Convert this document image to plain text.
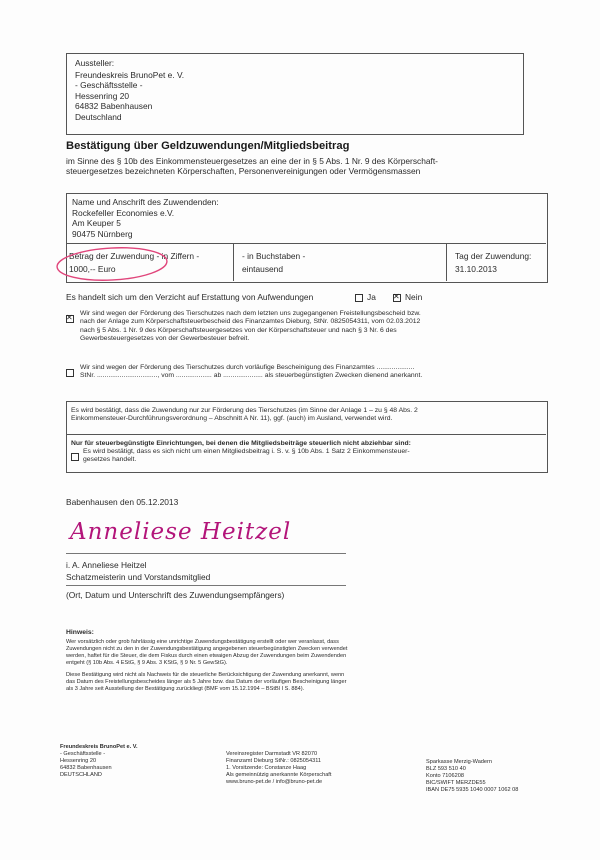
Aussteller:
Freundeskreis BrunoPet e. V.
- Geschäftsstelle -
Hessenring 20
64832 Babenhausen
Deutschland
Bestätigung über Geldzuwendungen/Mitgliedsbeitrag
im Sinne des § 10b des Einkommensteuergesetzes an eine der in § 5 Abs. 1 Nr. 9 des Körperschaft-
steuergesetzes bezeichneten Körperschaften, Personenvereinigungen oder Vermögensmassen
Name und Anschrift des Zuwendenden:
Rockefeller Economies e.V.
Am Keuper 5
90475 Nürnberg
Betrag der Zuwendung - in Ziffern -
1000,-- Euro
- in Buchstaben -
eintausend
Tag der Zuwendung:
31.10.2013
Es handelt sich um den Verzicht auf Erstattung von Aufwendungen	Ja
✕	Nein
✕
Wir sind wegen der Förderung des Tierschutzes nach dem letzten uns zugegangenen Freistellungsbescheid bzw.
nach der Anlage zum Körperschaftsteuerbescheid des Finanzamtes Dieburg, StNr. 0825054311, vom 02.03.2012
nach § 5 Abs. 1 Nr. 9 des Körperschaftsteuergesetzes von der Körperschaftsteuer und nach § 3 Nr. 6 des
Gewerbesteuergesetzes von der Gewerbesteuer befreit.
Wir sind wegen der Förderung des Tierschutzes durch vorläufige Bescheinigung des Finanzamtes ....................
StNr. ................................, vom ................... ab ..................... als steuerbegünstigten Zwecken dienend anerkannt.
Es wird bestätigt, dass die Zuwendung nur zur Förderung des Tierschutzes (im Sinne der Anlage 1 – zu § 48 Abs. 2
Einkommensteuer-Durchführungsverordnung – Abschnitt A Nr. 11), ggf. (auch) im Ausland, verwendet wird.
Nur für steuerbegünstigte Einrichtungen, bei denen die Mitgliedsbeiträge steuerlich nicht abziehbar sind:
Es wird bestätigt, dass es sich nicht um einen Mitgliedsbeitrag i. S. v. § 10b Abs. 1 Satz 2 Einkommensteuer-
gesetzes handelt.
Babenhausen den 05.12.2013
Anneliese Heitzel
i. A. Anneliese Heitzel
Schatzmeisterin und Vorstandsmitglied
(Ort, Datum und Unterschrift des Zuwendungsempfängers)
Hinweis:
Wer vorsätzlich oder grob fahrlässig eine unrichtige Zuwendungsbestätigung erstellt oder wer veranlasst, dass
Zuwendungen nicht zu den in der Zuwendungsbestätigung angegebenen steuerbegünstigten Zwecken verwendet
werden, haftet für die Steuer, die dem Fiskus durch einen etwaigen Abzug der Zuwendungen beim Zuwendenden
entgeht (§ 10b Abs. 4 EStG, § 9 Abs. 3 KStG, § 9 Nr. 5 GewStG).
Diese Bestätigung wird nicht als Nachweis für die steuerliche Berücksichtigung der Zuwendung anerkannt, wenn
das Datum des Freistellungsbescheides länger als 5 Jahre bzw. das Datum der vorläufigen Bescheinigung länger
als 3 Jahre seit Ausstellung der Bestätigung zurückliegt (BMF vom 15.12.1994 – BStBl I S. 884).
Freundeskreis BrunoPet e. V.
- Geschäftsstelle -
Hessenring 20
64832 Babenhausen
DEUTSCHLAND
Vereinsregister Darmstadt VR 82070
Finanzamt Dieburg StNr.: 0825054311
1. Vorsitzende: Constanze Haag
Als gemeinnützig anerkannte Körperschaft
www.bruno-pet.de / info@bruno-pet.de
Sparkasse Merzig-Wadern
BLZ 593 510 40
Konto 7106208
BIC/SWIFT MERZDE55
IBAN DE75 5935 1040 0007 1062 08
